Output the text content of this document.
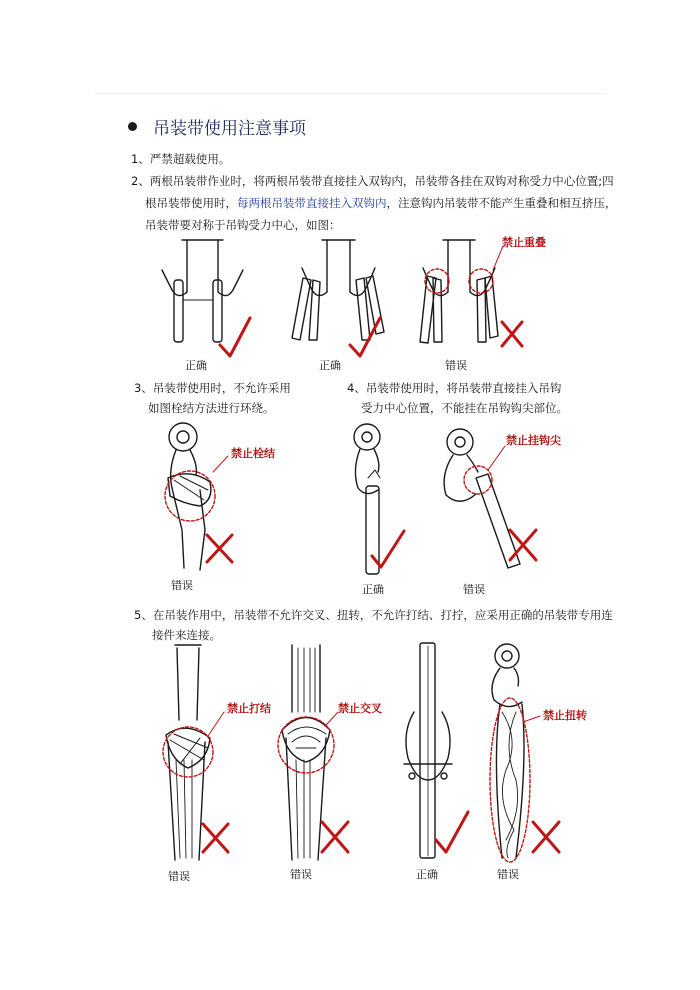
吊装带使用注意事项
1、严禁超载使用。
2、两根吊装带作业时，将两根吊装带直接挂入双钩内，吊装带各挂在双钩对称受力中心位置;四
根吊装带使用时，每两根吊装带直接挂入双钩内，注意钩内吊装带不能产生重叠和相互挤压，
吊装带要对称于吊钩受力中心，如图：
正确	正确	错误
禁止重叠
3、吊装带使用时，不允许采用
如图栓结方法进行环绕。
4、吊装带使用时，将吊装带直接挂入吊钩
受力中心位置，不能挂在吊钩钩尖部位。
禁止栓结
禁止挂钩尖
错误	正确	错误
5、在吊装作用中，吊装带不允许交叉、扭转，不允许打结、打拧，应采用正确的吊装带专用连
接件来连接。
禁止打结	禁止交叉
禁止扭转
错误	错误	正确	错误
